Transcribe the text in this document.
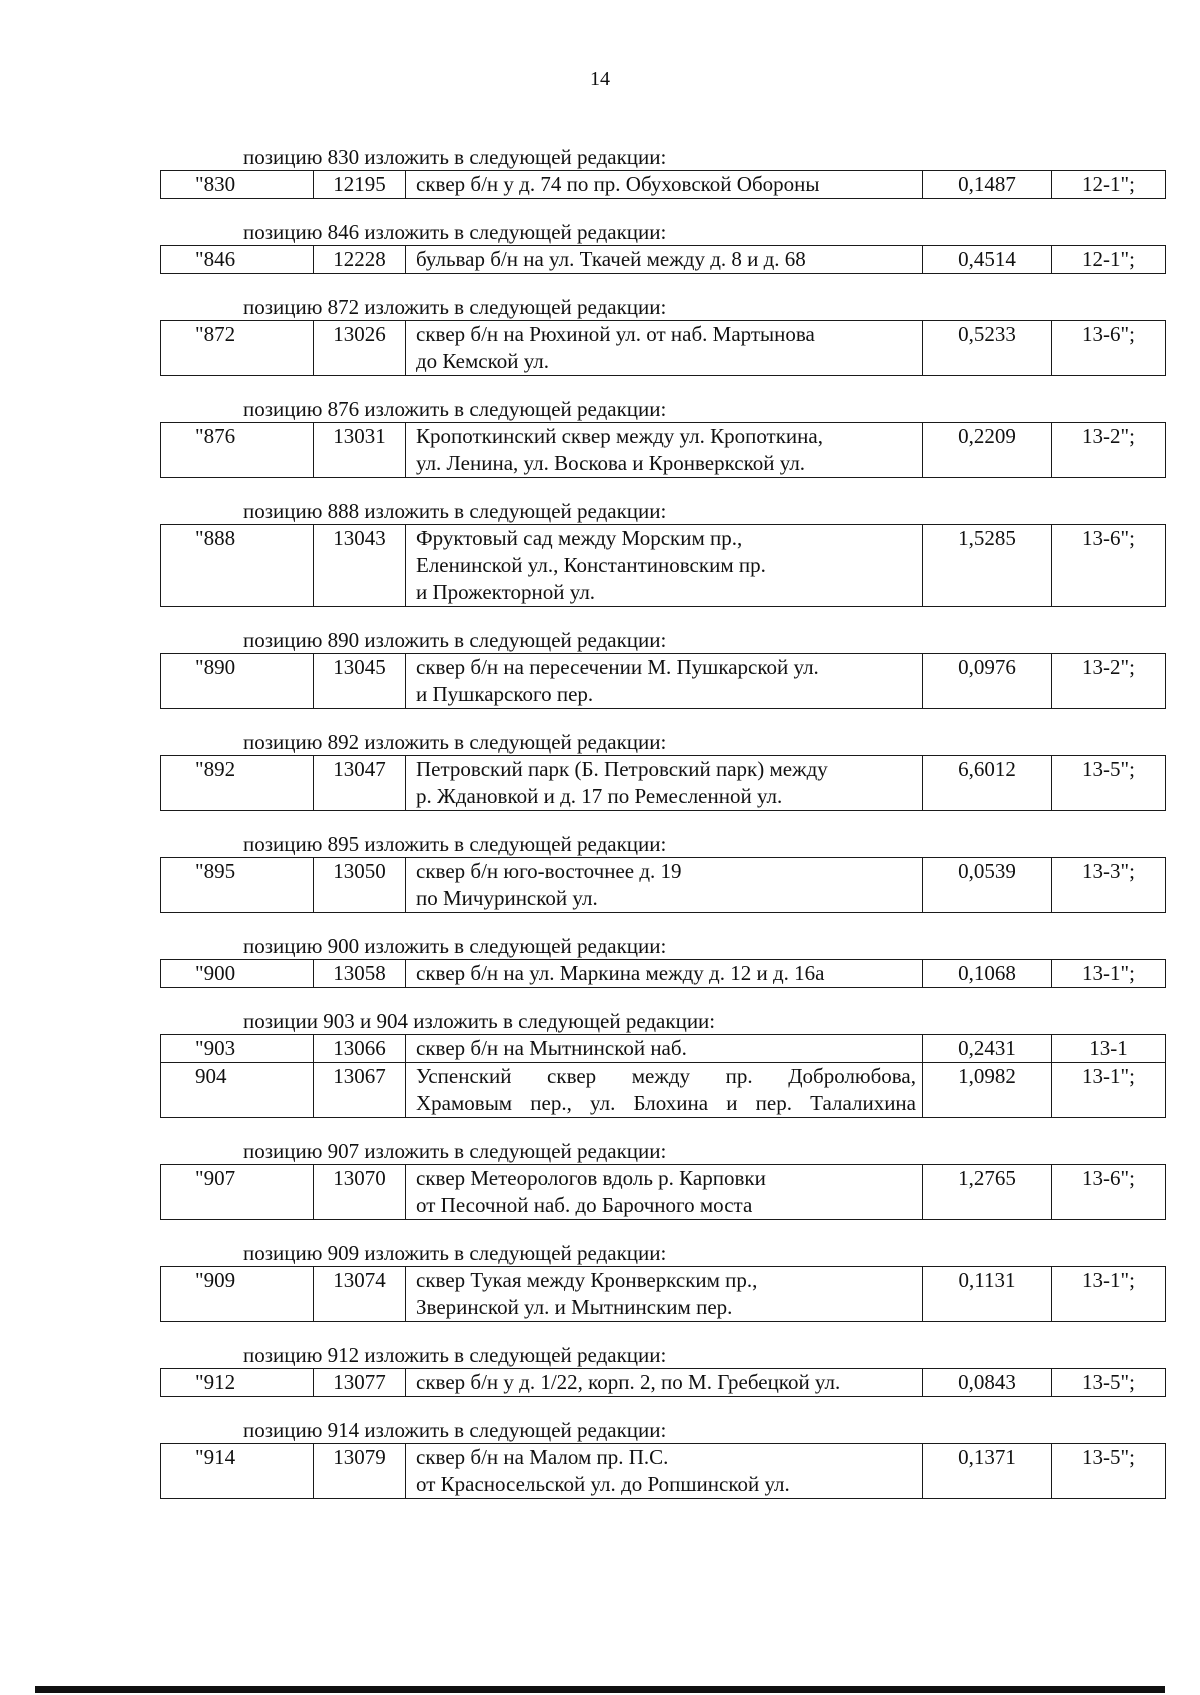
14
позицию 830 изложить в следующей редакции:
"830	12195	сквер б/н у д. 74 по пр. Обуховской Обороны	0,1487	12-1";
позицию 846 изложить в следующей редакции:
"846	12228	бульвар б/н на ул. Ткачей между д. 8 и д. 68	0,4514	12-1";
позицию 872 изложить в следующей редакции:
"872	13026	сквер б/н на Рюхиной ул. от наб. Мартынова
до Кемской ул.
	0,5233	13-6";
позицию 876 изложить в следующей редакции:
"876	13031	Кропоткинский сквер между ул. Кропоткина,
ул. Ленина, ул. Воскова и Кронверкской ул.
	0,2209	13-2";
позицию 888 изложить в следующей редакции:
"888	13043	Фруктовый сад между Морским пр.,
Еленинской ул., Константиновским пр.
и Прожекторной ул.
	1,5285	13-6";
позицию 890 изложить в следующей редакции:
"890	13045	сквер б/н на пересечении М. Пушкарской ул.
и Пушкарского пер.
	0,0976	13-2";
позицию 892 изложить в следующей редакции:
"892	13047	Петровский парк (Б. Петровский парк) между
р. Ждановкой и д. 17 по Ремесленной ул.
	6,6012	13-5";
позицию 895 изложить в следующей редакции:
"895	13050	сквер б/н юго-восточнее д. 19
по Мичуринской ул.
	0,0539	13-3";
позицию 900 изложить в следующей редакции:
"900	13058	сквер б/н на ул. Маркина между д. 12 и д. 16а	0,1068	13-1";
позиции 903 и 904 изложить в следующей редакции:
"903	13066	сквер б/н на Мытнинской наб.	0,2431	13-1
904	13067	Успенский сквер между пр. Добролюбова,
Храмовым пер., ул. Блохина и пер. Талалихина	1,0982	13-1";
позицию 907 изложить в следующей редакции:
"907	13070	сквер Метеорологов вдоль р. Карповки
от Песочной наб. до Барочного моста
	1,2765	13-6";
позицию 909 изложить в следующей редакции:
"909	13074	сквер Тукая между Кронверкским пр.,
Зверинской ул. и Мытнинским пер.
	0,1131	13-1";
позицию 912 изложить в следующей редакции:
"912	13077	сквер б/н у д. 1/22, корп. 2, по М. Гребецкой ул.	0,0843	13-5";
позицию 914 изложить в следующей редакции:
"914	13079	сквер б/н на Малом пр. П.С.
от Красносельской ул. до Ропшинской ул.
	0,1371	13-5";
